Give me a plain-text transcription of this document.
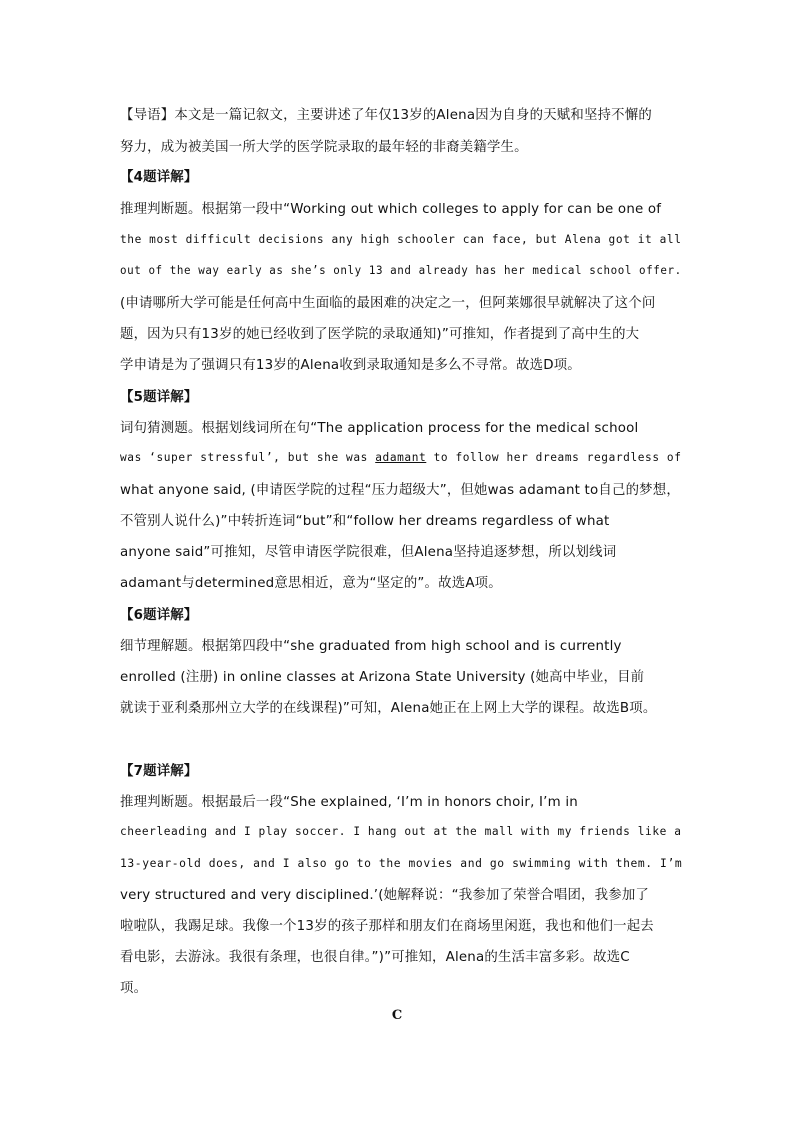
【导语】本文是一篇记叙文，主要讲述了年仅13岁的Alena因为自身的天赋和坚持不懈的
努力，成为被美国一所大学的医学院录取的最年轻的非裔美籍学生。
【4题详解】
推理判断题。根据第一段中“Working out which colleges to apply for can be one of
the most difficult decisions any high schooler can face, but Alena got it all
out of the way early as she’s only 13 and already has her medical school offer.
(申请哪所大学可能是任何高中生面临的最困难的决定之一，但阿莱娜很早就解决了这个问
题，因为只有13岁的她已经收到了医学院的录取通知)”可推知，作者提到了高中生的大
学申请是为了强调只有13岁的Alena收到录取通知是多么不寻常。故选D项。
【5题详解】
词句猜测题。根据划线词所在句“The application process for the medical school
was ‘super stressful’, but she was adamant to follow her dreams regardless of
what anyone said, (申请医学院的过程“压力超级大”，但她was adamant to自己的梦想，
不管别人说什么)”中转折连词“but”和“follow her dreams regardless of what
anyone said”可推知，尽管申请医学院很难，但Alena坚持追逐梦想，所以划线词
adamant与determined意思相近，意为“坚定的”。故选A项。
【6题详解】
细节理解题。根据第四段中“she graduated from high school and is currently
enrolled (注册) in online classes at Arizona State University (她高中毕业，目前
就读于亚利桑那州立大学的在线课程)”可知，Alena她正在上网上大学的课程。故选B项。
【7题详解】
推理判断题。根据最后一段“She explained, ‘I’m in honors choir, I’m in
cheerleading and I play soccer. I hang out at the mall with my friends like a
13-year-old does, and I also go to the movies and go swimming with them. I’m
very structured and very disciplined.’(她解释说：“我参加了荣誉合唱团，我参加了
啦啦队，我踢足球。我像一个13岁的孩子那样和朋友们在商场里闲逛，我也和他们一起去
看电影，去游泳。我很有条理，也很自律。”)”可推知，Alena的生活丰富多彩。故选C
项。
C
